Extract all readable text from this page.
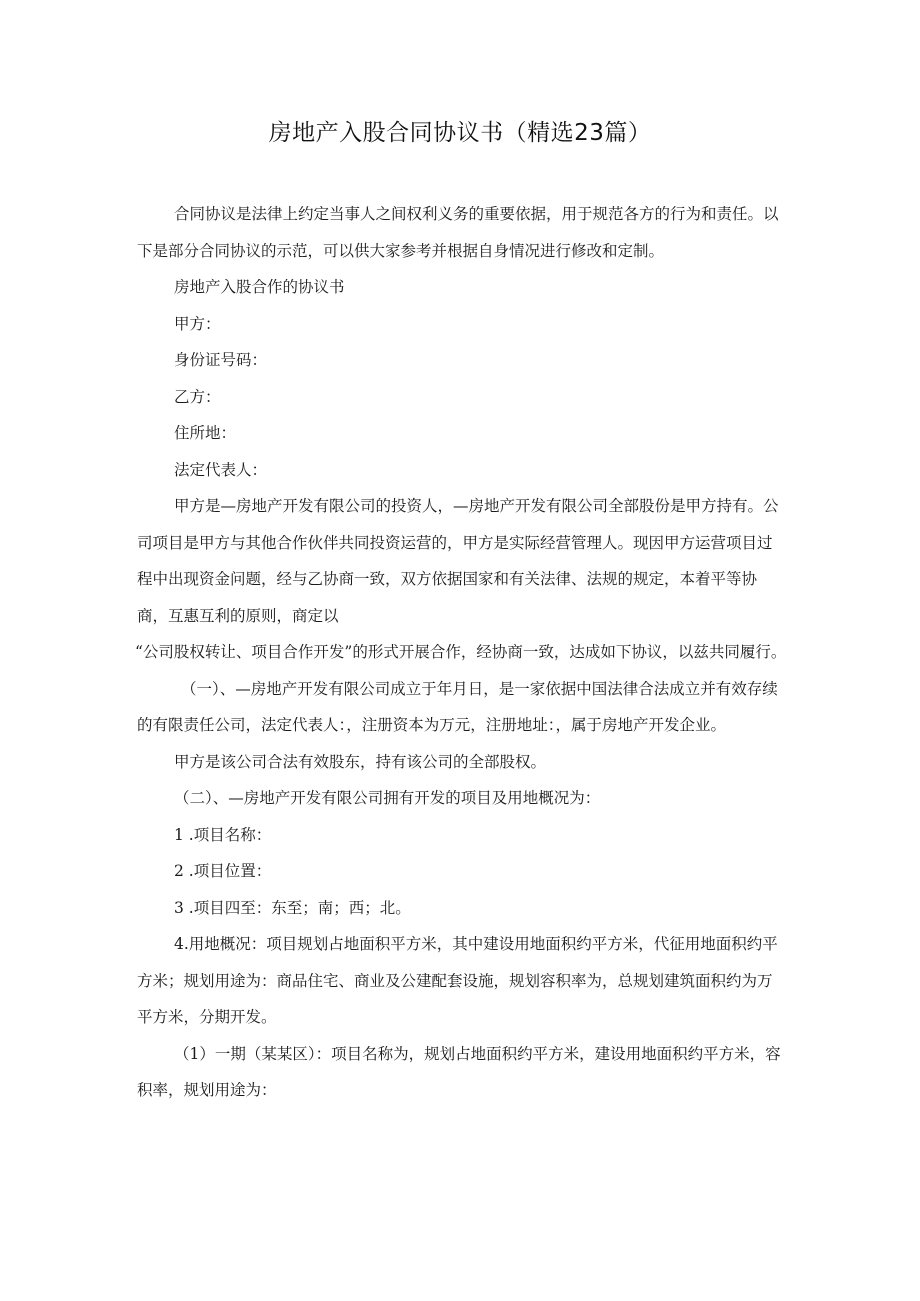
房地产入股合同协议书（精选23篇）

合同协议是法律上约定当事人之间权利义务的重要依据，用于规范各方的行为和责任。以下是部分合同协议的示范，可以供大家参考并根据自身情况进行修改和定制。

房地产入股合作的协议书

甲方：

身份证号码：

乙方：

住所地：

法定代表人：

甲方是—房地产开发有限公司的投资人，—房地产开发有限公司全部股份是甲方持有。公司项目是甲方与其他合作伙伴共同投资运营的，甲方是实际经营管理人。现因甲方运营项目过程中出现资金问题，经与乙协商一致，双方依据国家和有关法律、法规的规定，本着平等协商，互惠互利的原则，商定以

“公司股权转让、项目合作开发”的形式开展合作，经协商一致，达成如下协议，以兹共同履行。

（一）、—房地产开发有限公司成立于年月日，是一家依据中国法律合法成立并有效存续的有限责任公司，法定代表人：，注册资本为万元，注册地址：，属于房地产开发企业。

甲方是该公司合法有效股东，持有该公司的全部股权。

（二）、—房地产开发有限公司拥有开发的项目及用地概况为：

1 .项目名称：

2 .项目位置：

3 .项目四至：东至；南；西；北。

4.用地概况：项目规划占地面积平方米，其中建设用地面积约平方米，代征用地面积约平方米；规划用途为：商品住宅、商业及公建配套设施，规划容积率为，总规划建筑面积约为万平方米，分期开发。

（1）一期（某某区）：项目名称为，规划占地面积约平方米，建设用地面积约平方米，容积率，规划用途为：
